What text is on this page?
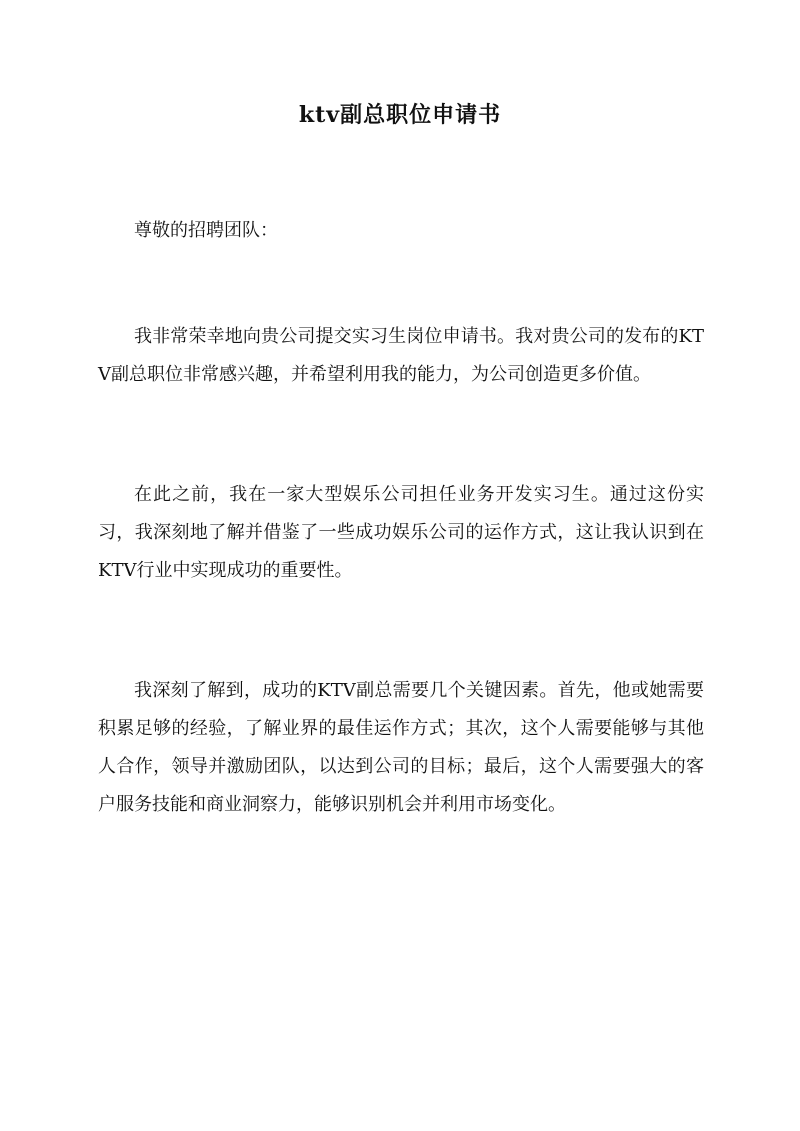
ktv副总职位申请书

尊敬的招聘团队：

我非常荣幸地向贵公司提交实习生岗位申请书。我对贵公司的发布的KTV副总职位非常感兴趣，并希望利用我的能力，为公司创造更多价值。

在此之前，我在一家大型娱乐公司担任业务开发实习生。通过这份实习，我深刻地了解并借鉴了一些成功娱乐公司的运作方式，这让我认识到在KTV行业中实现成功的重要性。

我深刻了解到，成功的KTV副总需要几个关键因素。首先，他或她需要积累足够的经验，了解业界的最佳运作方式；其次，这个人需要能够与其他人合作，领导并激励团队，以达到公司的目标；最后，这个人需要强大的客户服务技能和商业洞察力，能够识别机会并利用市场变化。
